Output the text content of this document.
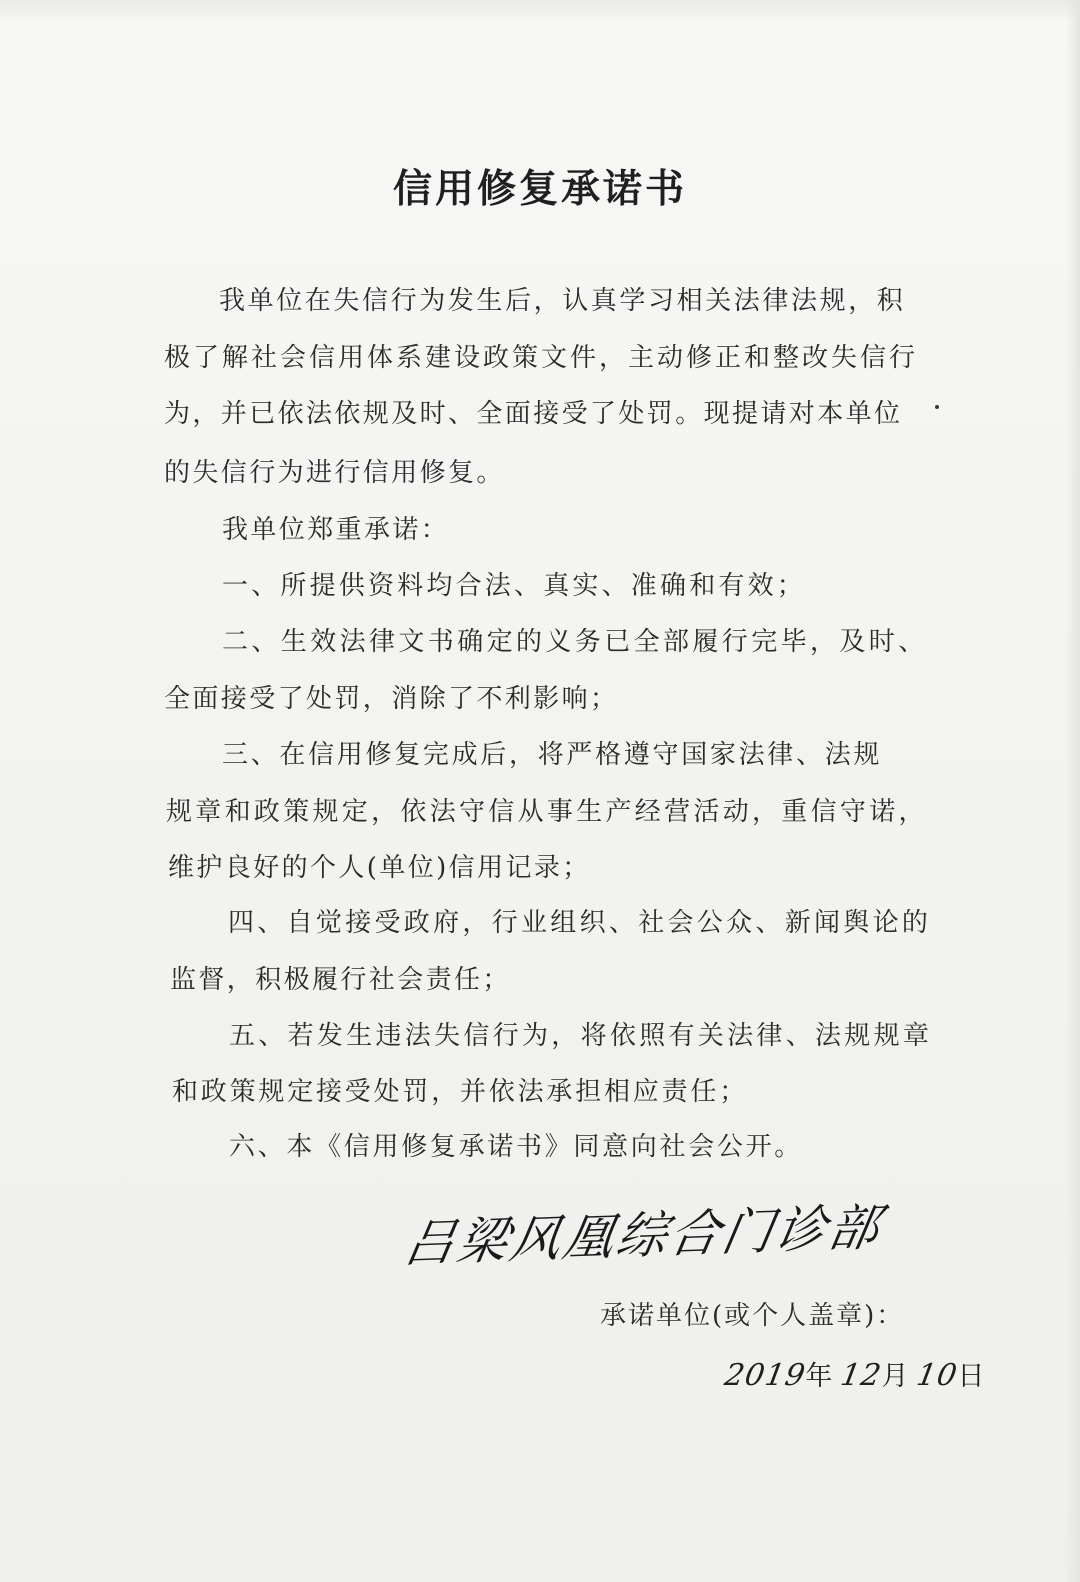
信用修复承诺书
我单位在失信行为发生后，认真学习相关法律法规，积
极了解社会信用体系建设政策文件，主动修正和整改失信行
为，并已依法依规及时、全面接受了处罚。现提请对本单位
的失信行为进行信用修复。
我单位郑重承诺：
一、所提供资料均合法、真实、准确和有效；
二、生效法律文书确定的义务已全部履行完毕，及时、
全面接受了处罚，消除了不利影响；
三、在信用修复完成后，将严格遵守国家法律、法规
规章和政策规定，依法守信从事生产经营活动，重信守诺，
维护良好的个人(单位)信用记录；
四、自觉接受政府，行业组织、社会公众、新闻舆论的
监督，积极履行社会责任；
五、若发生违法失信行为，将依照有关法律、法规规章
和政策规定接受处罚，并依法承担相应责任；
六、本《信用修复承诺书》同意向社会公开。
吕梁风凰综合门诊部
承诺单位(或个人盖章)：
2019年 12月 10日
